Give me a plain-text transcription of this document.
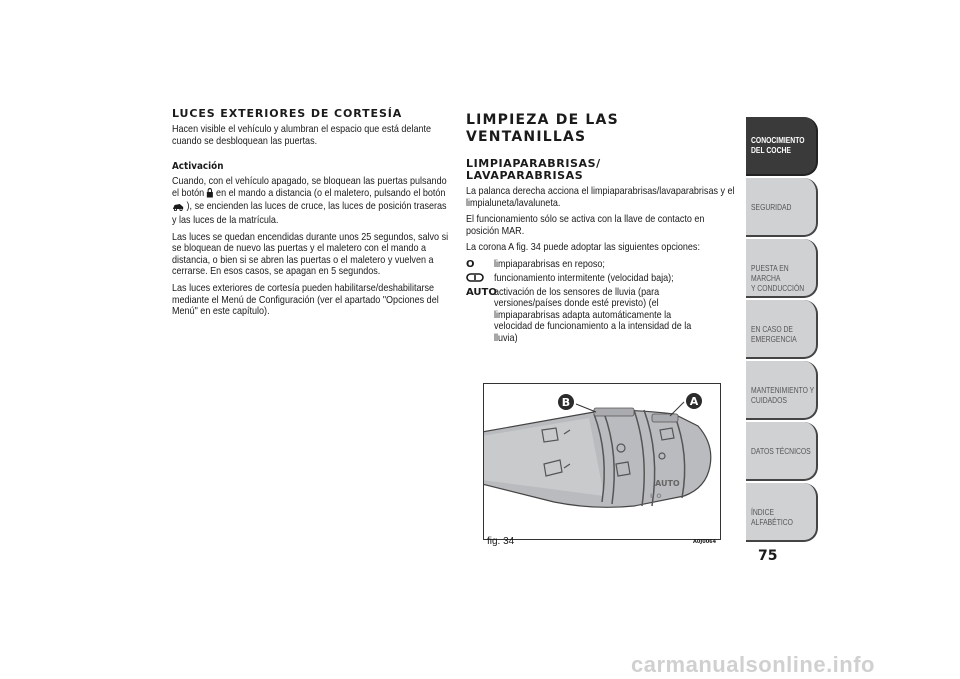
LUCES EXTERIORES DE CORTESÍA
Hacen visible el vehículo y alumbran el espacio que está delante cuando se desbloquean las puertas.
Activación
Cuando, con el vehículo apagado, se bloquean las puertas pulsando el botón en el mando a distancia (o el maletero, pulsando el botón  ), se encienden las luces de cruce, las luces de posición traseras y las luces de la matrícula.
Las luces se quedan encendidas durante unos 25 segundos, salvo si se bloquean de nuevo las puertas y el maletero con el mando a distancia, o bien si se abren las puertas o el maletero y vuelven a cerrarse. En esos casos, se apagan en 5 segundos.
Las luces exteriores de cortesía pueden habilitarse/deshabilitarse mediante el Menú de Configuración (ver el apartado "Opciones del Menú" en este capítulo).
LIMPIEZA DE LAS VENTANILLAS
LIMPIAPARABRISAS/
LAVAPARABRISAS
La palanca derecha acciona el limpiaparabrisas/lavaparabrisas y el limpialuneta/lavaluneta.
El funcionamiento sólo se activa con la llave de contacto en posición MAR.
La corona A fig. 34 puede adoptar las siguientes opciones:
O	limpiaparabrisas en reposo;
funcionamiento intermitente (velocidad baja);
AUTO
activación de los sensores de lluvia (para versiones/países donde esté previsto) (el limpiaparabrisas adapta automáticamente la velocidad de funcionamiento a la intensidad de la lluvia)
AUTO
I O
B	A
fig. 34	A0J0064
CONOCIMIENTO
DEL COCHE
SEGURIDAD
PUESTA EN MARCHA
Y CONDUCCIÓN
EN CASO DE
EMERGENCIA
MANTENIMIENTO Y
CUIDADOS
DATOS TÉCNICOS
ÍNDICE ALFABÉTICO
75
carmanualsonline.info
